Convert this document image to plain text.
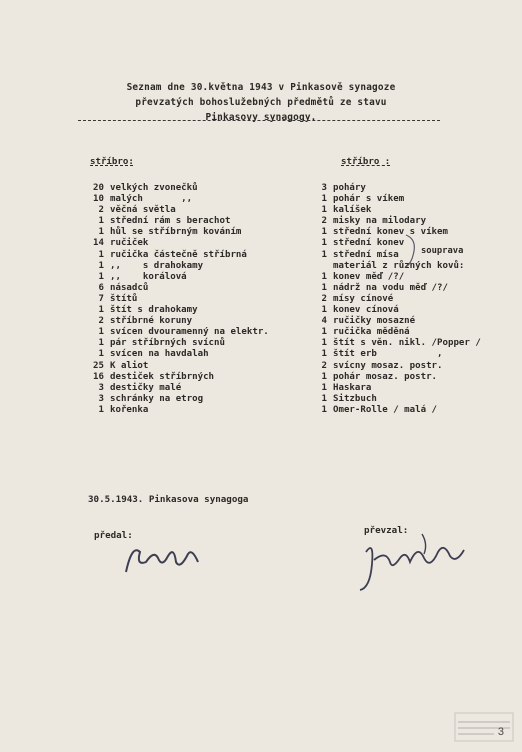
Seznam dne 30.května 1943 v Pinkasově synagoze
převzatých bohoslužebných předmětů ze stavu
Pinkasovy synagogy.
stříbro:
20 velkých zvonečků
10 malých       ,,
2 věčná světla
1 střední rám s berachot
1 hůl se stříbrným kováním
14 ručiček
1 ručička částečně stříbrná
1 ,,    s drahokamy
1 ,,    korálová
6 násadců
7 štítů
1 štít s drahokamy
2 stříbrné koruny
1 svícen dvouramenný na elektr.
1 pár stříbrných svícnů
1 svícen na havdalah
25 K aliot
16 destiček stříbrných
3 destičky malé
3 schránky na etrog
1 kořenka
stříbro :
3 poháry
1 pohár s víkem
1 kalíšek
2 misky na milodary
1 střední konev s víkem
1 střední konev
1 střední mísa
materiál z různých kovů:
1 konev měď /?/
1 nádrž na vodu měď /?/
2 mísy cínové
1 konev cínová
4 ručičky mosazné
1 ručička měděná
1 štít s věn. nikl. /Popper /
1 štít erb           ,
2 svícny mosaz. postr.
1 pohár mosaz. postr.
1 Haskara
1 Sitzbuch
1 Omer-Rolle / malá /
souprava
30.5.1943. Pinkasova synagoga
předal:	převzal:
3
